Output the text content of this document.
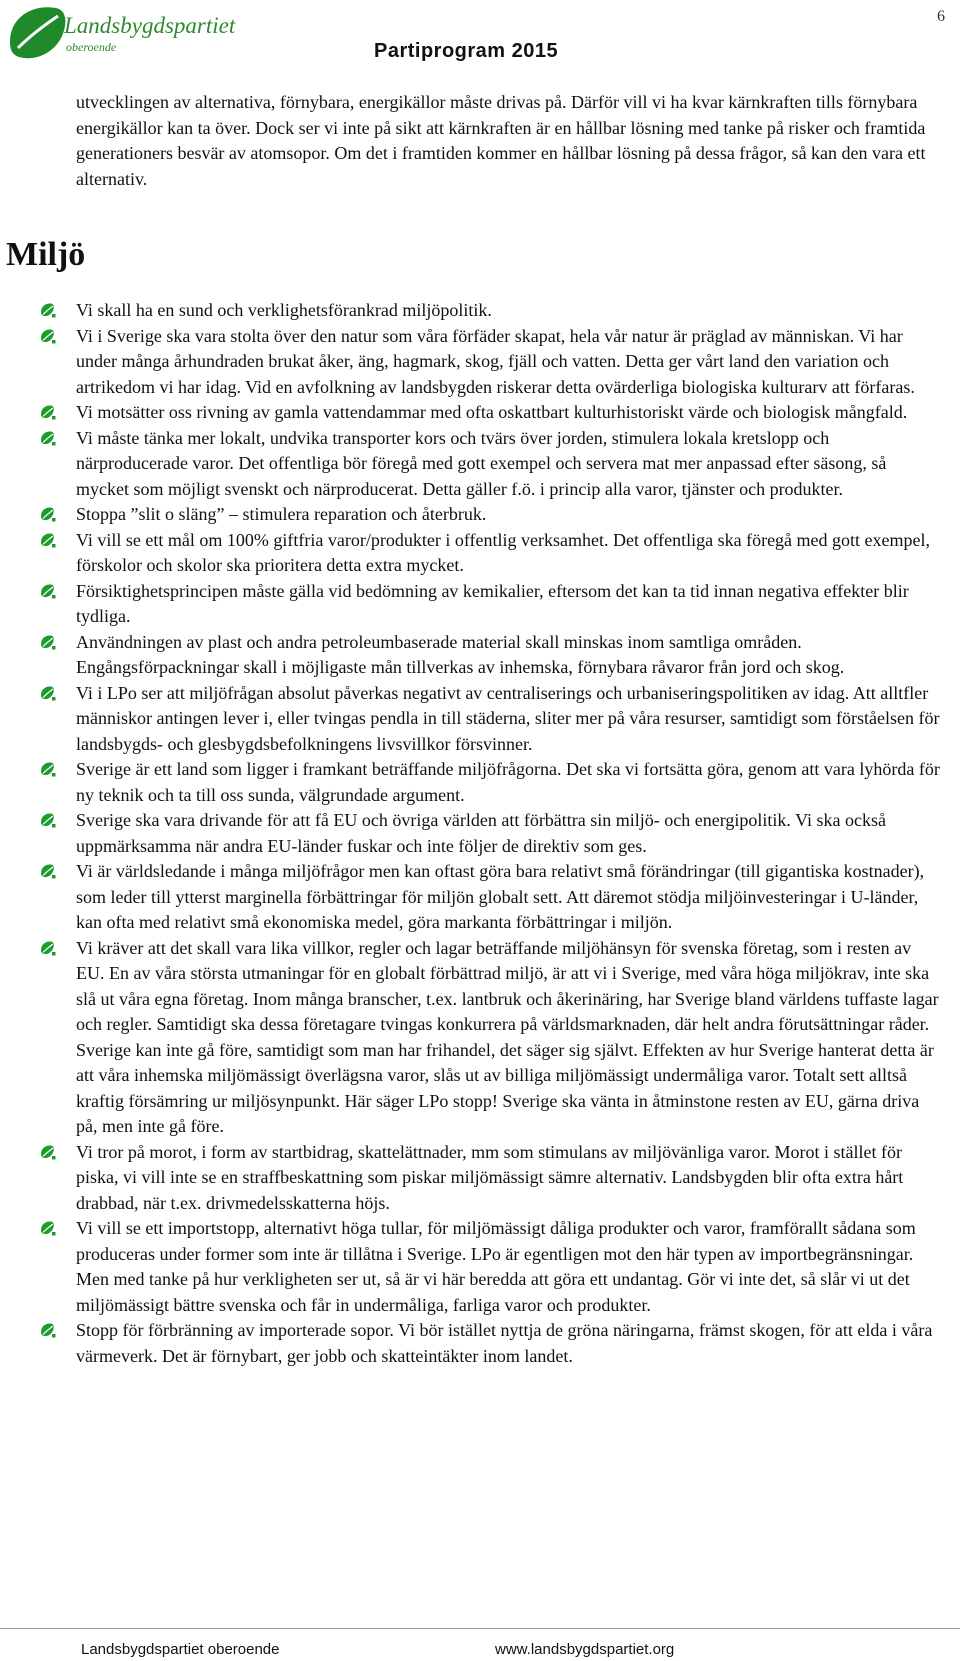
Landsbygdspartiet
oberoende	Partiprogram 2015
6
utvecklingen av alternativa, förnybara, energikällor måste drivas på. Därför vill vi ha kvar kärnkraften tills förnybara energikällor kan ta över. Dock ser vi inte på sikt att kärnkraften är en hållbar lösning med tanke på risker och framtida generationers besvär av atomsopor. Om det i framtiden kommer en hållbar lösning på dessa frågor, så kan den vara ett alternativ.
Miljö
Vi skall ha en sund och verklighetsförankrad miljöpolitik.
Vi i Sverige ska vara stolta över den natur som våra förfäder skapat, hela vår natur är präglad av människan. Vi har under många århundraden brukat åker, äng, hagmark, skog, fjäll och vatten. Detta ger vårt land den variation och artrikedom vi har idag. Vid en avfolkning av landsbygden riskerar detta ovärderliga biologiska kulturarv att förfaras.
Vi motsätter oss rivning av gamla vattendammar med ofta oskattbart kulturhistoriskt värde och biologisk mångfald.
Vi måste tänka mer lokalt, undvika transporter kors och tvärs över jorden, stimulera lokala kretslopp och närproducerade varor. Det offentliga bör föregå med gott exempel och servera mat mer anpassad efter säsong, så mycket som möjligt svenskt och närproducerat. Detta gäller f.ö. i princip alla varor, tjänster och produkter.
Stoppa ”slit o släng” – stimulera reparation och återbruk.
Vi vill se ett mål om 100% giftfria varor/produkter i offentlig verksamhet. Det offentliga ska föregå med gott exempel, förskolor och skolor ska prioritera detta extra mycket.
Försiktighetsprincipen måste gälla vid bedömning av kemikalier, eftersom det kan ta tid innan negativa effekter blir tydliga.
Användningen av plast och andra petroleumbaserade material skall minskas inom samtliga områden. Engångsförpackningar skall i möjligaste mån tillverkas av inhemska, förnybara råvaror från jord och skog.
Vi i LPo ser att miljöfrågan absolut påverkas negativt av centraliserings och urbaniseringspolitiken av idag. Att alltfler människor antingen lever i, eller tvingas pendla in till städerna, sliter mer på våra resurser, samtidigt som förståelsen för landsbygds- och glesbygdsbefolkningens livsvillkor försvinner.
Sverige är ett land som ligger i framkant beträffande miljöfrågorna. Det ska vi fortsätta göra, genom att vara lyhörda för ny teknik och ta till oss sunda, välgrundade argument.
Sverige ska vara drivande för att få EU och övriga världen att förbättra sin miljö- och energipolitik. Vi ska också uppmärksamma när andra EU-länder fuskar och inte följer de direktiv som ges.
Vi är världsledande i många miljöfrågor men kan oftast göra bara relativt små förändringar (till gigantiska kostnader), som leder till ytterst marginella förbättringar för miljön globalt sett. Att däremot stödja miljöinvesteringar i U-länder, kan ofta med relativt små ekonomiska medel, göra markanta förbättringar i miljön.
Vi kräver att det skall vara lika villkor, regler och lagar beträffande miljöhänsyn för svenska företag, som i resten av EU. En av våra största utmaningar för en globalt förbättrad miljö, är att vi i Sverige, med våra höga miljökrav, inte ska slå ut våra egna företag. Inom många branscher, t.ex. lantbruk och åkerinäring, har Sverige bland världens tuffaste lagar och regler. Samtidigt ska dessa företagare tvingas konkurrera på världsmarknaden, där helt andra förutsättningar råder. Sverige kan inte gå före, samtidigt som man har frihandel, det säger sig självt. Effekten av hur Sverige hanterat detta är att våra inhemska miljömässigt överlägsna varor, slås ut av billiga miljömässigt undermåliga varor. Totalt sett alltså kraftig försämring ur miljösynpunkt. Här säger LPo stopp! Sverige ska vänta in åtminstone resten av EU, gärna driva på, men inte gå före.
Vi tror på morot, i form av startbidrag, skattelättnader, mm som stimulans av miljövänliga varor. Morot i stället för piska, vi vill inte se en straffbeskattning som piskar miljömässigt sämre alternativ. Landsbygden blir ofta extra hårt drabbad, när t.ex. drivmedelsskatterna höjs.
Vi vill se ett importstopp, alternativt höga tullar, för miljömässigt dåliga produkter och varor, framförallt sådana som produceras under former som inte är tillåtna i Sverige. LPo är egentligen mot den här typen av importbegränsningar. Men med tanke på hur verkligheten ser ut, så är vi här beredda att göra ett undantag. Gör vi inte det, så slår vi ut det miljömässigt bättre svenska och får in undermåliga, farliga varor och produkter.
Stopp för förbränning av importerade sopor. Vi bör istället nyttja de gröna näringarna, främst skogen, för att elda i våra värmeverk. Det är förnybart, ger jobb och skatteintäkter inom landet.
Landsbygdspartiet oberoende	www.landsbygdspartiet.org
